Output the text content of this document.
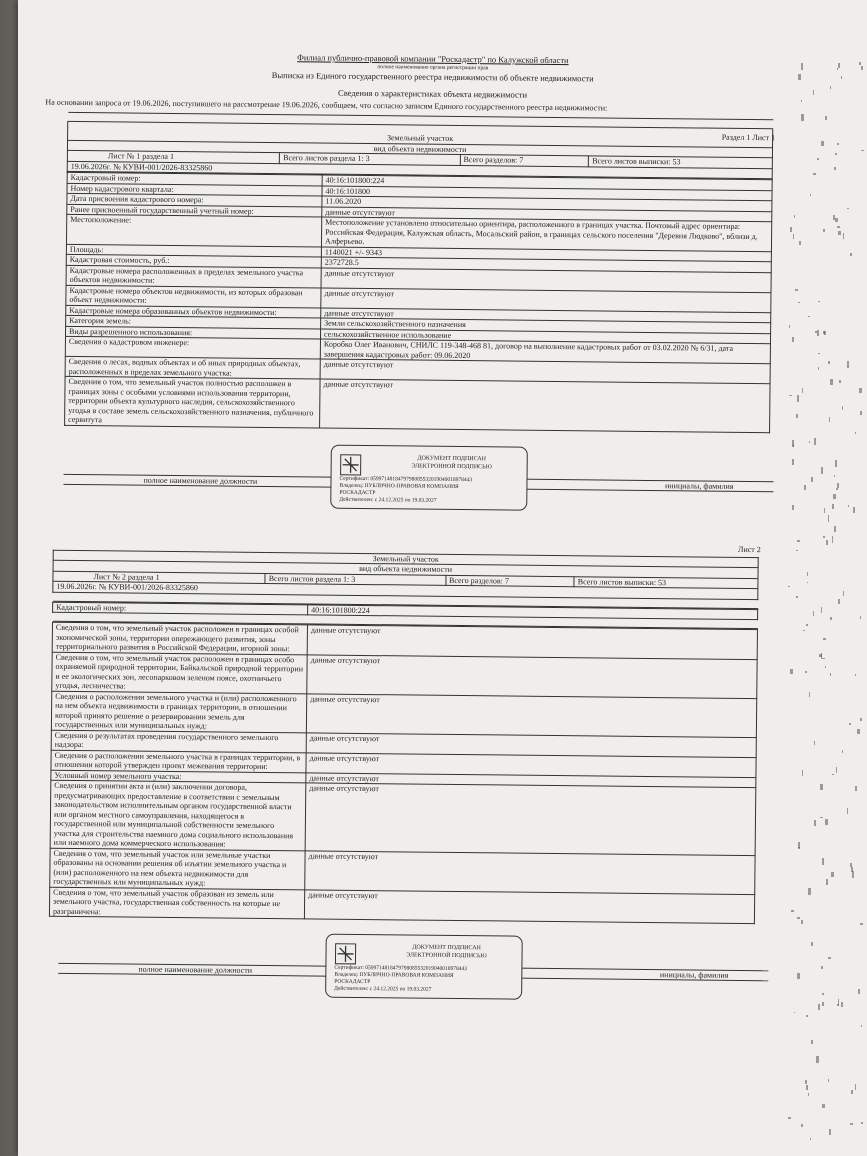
Филиал публично-правовой компании "Роскадастр" по Калужской области
полное наименование органа регистрации прав
Выписка из Единого государственного реестра недвижимости об объекте недвижимости
Сведения о характеристиках объекта недвижимости
На основании запроса от 19.06.2026, поступившего на рассмотрение 19.06.2026, сообщаем, что согласно записям Единого государственного реестра недвижимости:
Раздел 1 Лист 1

Земельный участок
вид объекта недвижимости
Лист № 1 раздела 1	Всего листов раздела 1: 3	Всего разделов: 7	Всего листов выписки: 53
19.06.2026г. № КУВИ-001/2026-83325860
Кадастровый номер:	40:16:101800:224
Номер кадастрового квартала:	40:16:101800
Дата присвоения кадастрового номера:	11.06.2020
Ранее присвоенный государственный учетный номер:	данные отсутствуют
Местоположение:	Местоположение установлено относительно ориентира, расположенного в границах участка. Почтовый адрес ориентира: Российская Федерация, Калужская область, Мосальский район, в границах сельского поселения "Деревня Людково", вблизи д. Алферьево.
Площадь:	1140021 +/- 9343
Кадастровая стоимость, руб.:	2372728.5
Кадастровые номера расположенных в пределах земельного участка объектов недвижимости:	данные отсутствуют
Кадастровые номера объектов недвижимости, из которых образован объект недвижимости:	данные отсутствуют
Кадастровые номера образованных объектов недвижимости:	данные отсутствуют
Категория земель:	Земли сельскохозяйственного назначения
Виды разрешенного использования:	сельскохозяйственное использование
Сведения о кадастровом инженере:	Коробко Олег Иванович, СНИЛС 119-348-468 81, договор на выполнение кадастровых работ от 03.02.2020 № 6/31, дата завершения кадастровых работ: 09.06.2020
Сведения о лесах, водных объектах и об иных природных объектах, расположенных в пределах земельного участка:	данные отсутствуют
Сведения о том, что земельный участок полностью расположен в границах зоны с особыми условиями использования территории, территории объекта культурного наследия, сельскохозяйственного угодья в составе земель сельскохозяйственного назначения, публичного сервитута	данные отсутствуют
полное наименование должности
инициалы, фамилия
ДОКУМЕНТ ПОДПИСАН
ЭЛЕКТРОННОЙ ПОДПИСЬЮ
Сертификат: 0599714818479798085532019040018978443
Владелец: ПУБЛИЧНО-ПРАВОВАЯ КОМПАНИЯ
РОСКАДАСТР
Действителен: с 24.12.2025 по 19.03.2027
Лист 2
Земельный участок
вид объекта недвижимости
Лист № 2 раздела 1	Всего листов раздела 1: 3	Всего разделов: 7	Всего листов выписки: 53
19.06.2026г. № КУВИ-001/2026-83325860

Кадастровый номер:	40:16:101800:224

Сведения о том, что земельный участок расположен в границах особой экономической зоны, территории опережающего развития, зоны территориального развития в Российской Федерации, игорной зоны:	данные отсутствуют
Сведения о том, что земельный участок расположен в границах особо охраняемой природной территории, Байкальской природной территории и ее экологических зон, лесопарковом зеленом поясе, охотничьего угодья, лесничества:	данные отсутствуют
Сведения о расположении земельного участка и (или) расположенного на нем объекта недвижимости в границах территории, в отношении которой принято решение о резервировании земель для государственных или муниципальных нужд:	данные отсутствуют
Сведения о результатах проведения государственного земельного надзора:	данные отсутствуют
Сведения о расположении земельного участка в границах территории, в отношении которой утвержден проект межевания территории:	данные отсутствуют
Условный номер земельного участка:	данные отсутствуют
Сведения о принятии акта и (или) заключении договора, предусматривающих предоставление в соответствии с земельным законодательством исполнительным органом государственной власти или органом местного самоуправления, находящегося в государственной или муниципальной собственности земельного участка для строительства наемного дома социального использования или наемного дома коммерческого использования:	данные отсутствуют
Сведения о том, что земельный участок или земельные участки образованы на основании решения об изъятии земельного участка и (или) расположенного на нем объекта недвижимости для государственных или муниципальных нужд:	данные отсутствуют
Сведения о том, что земельный участок образован из земель или земельного участка, государственная собственность на которые не разграничена:	данные отсутствуют
полное наименование должности
инициалы, фамилия
ДОКУМЕНТ ПОДПИСАН
ЭЛЕКТРОННОЙ ПОДПИСЬЮ
Сертификат: 0599714818479798085532019040018978443
Владелец: ПУБЛИЧНО-ПРАВОВАЯ КОМПАНИЯ
РОСКАДАСТР
Действителен: с 24.12.2025 по 19.03.2027
